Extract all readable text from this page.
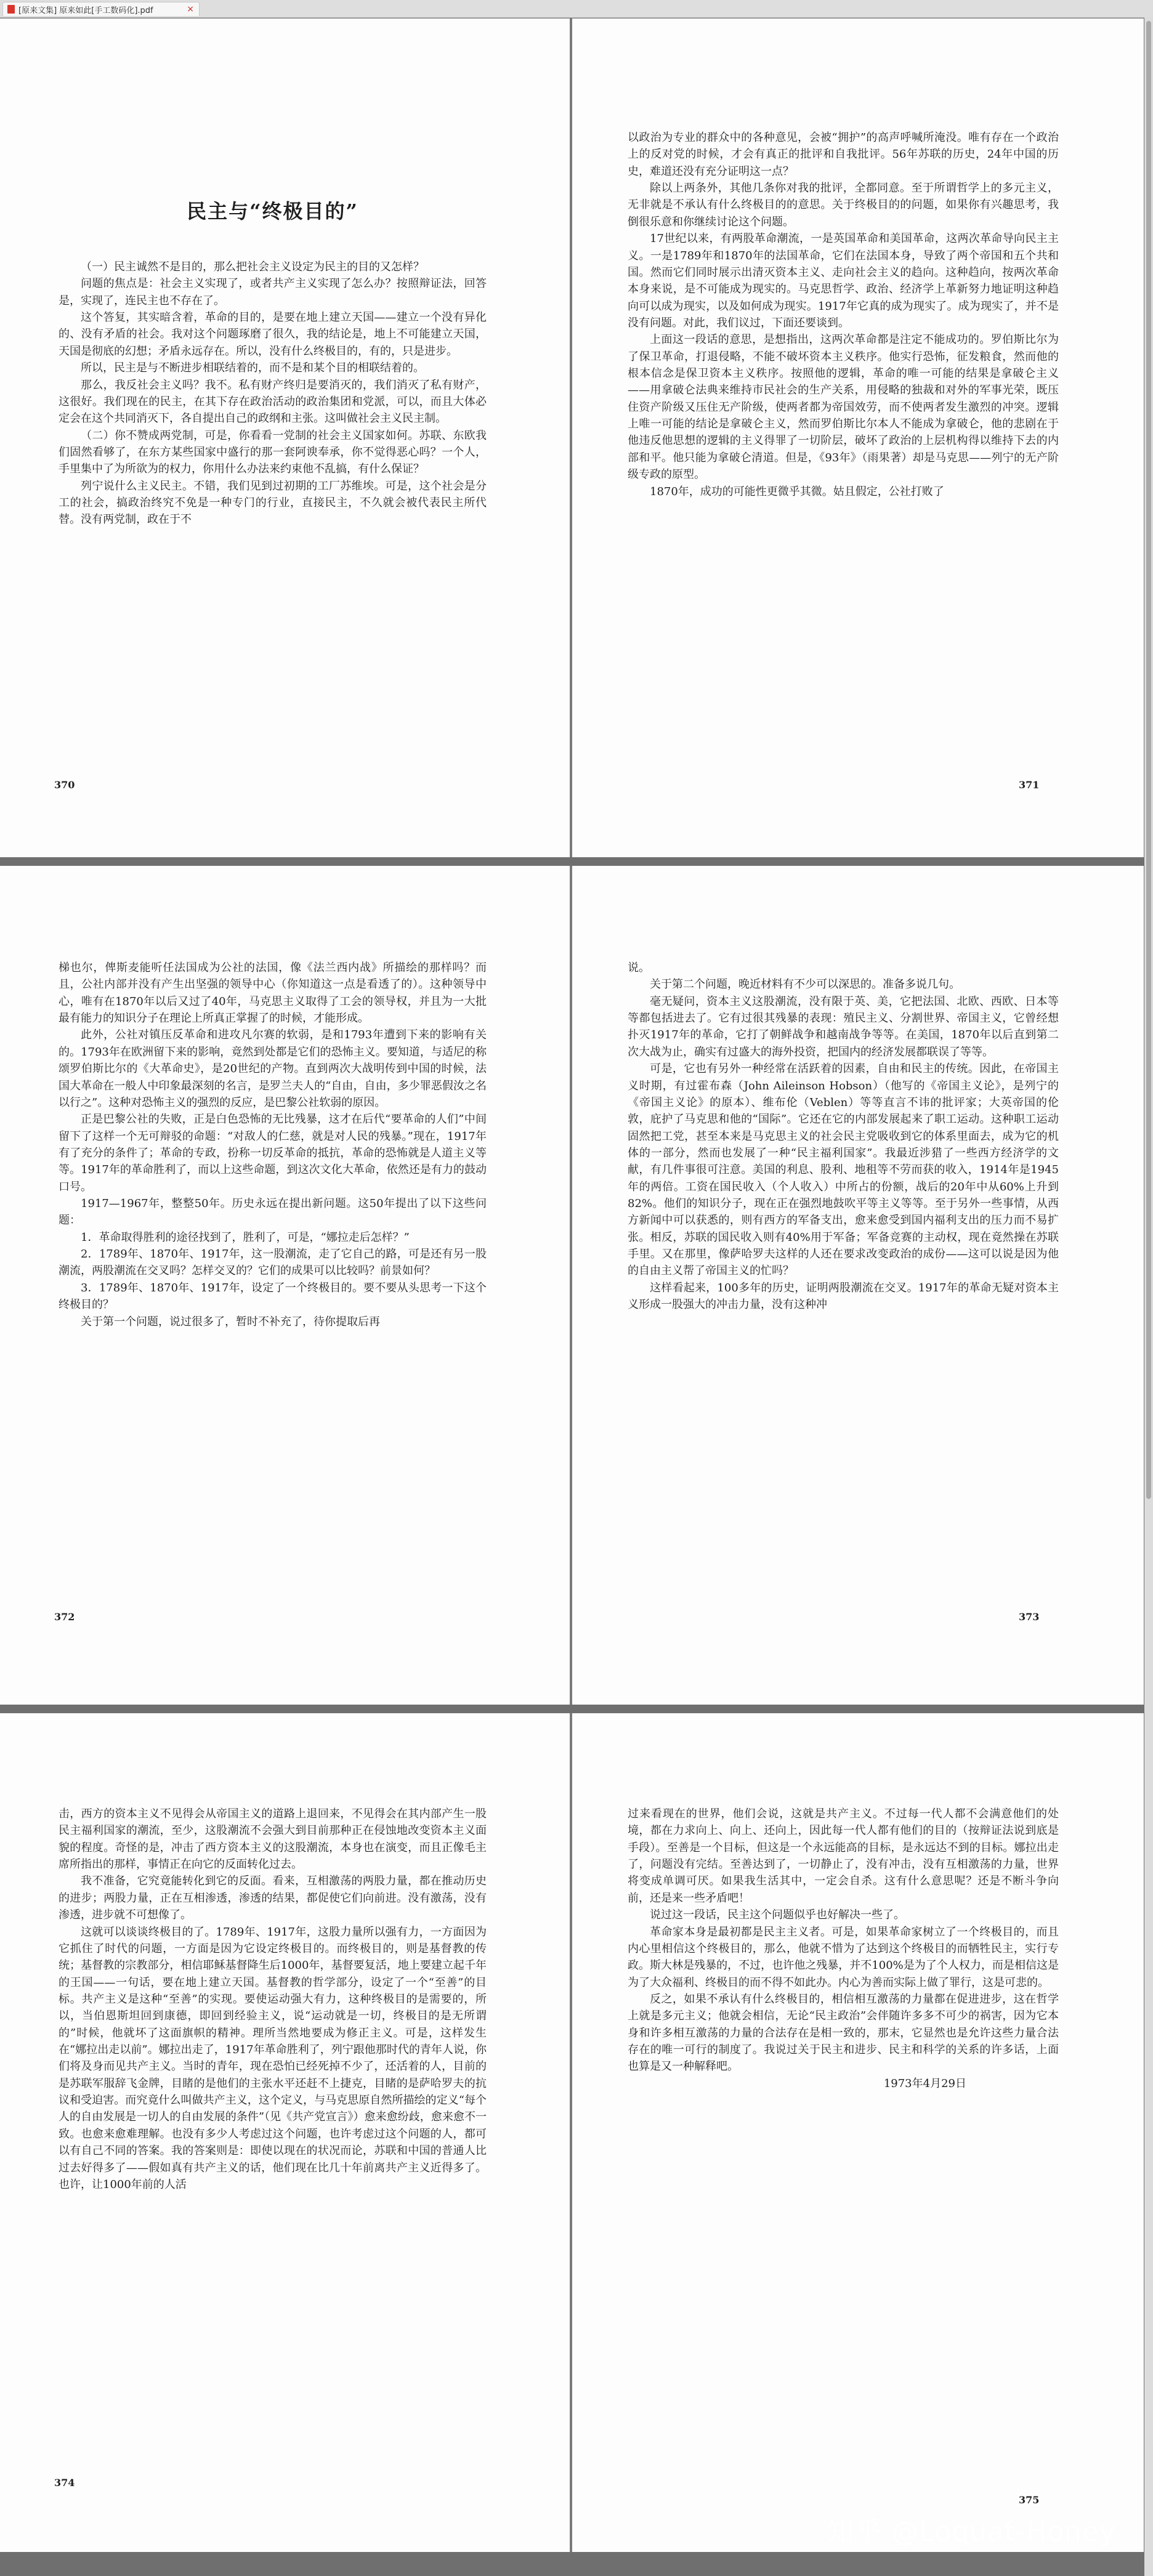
[原来文集] 原来如此[手工数码化].pdf	×
民主与“终极目的”

（一）民主诚然不是目的，那么把社会主义设定为民主的目的又怎样？

问题的焦点是：社会主义实现了，或者共产主义实现了怎么办？按照辩证法，回答是，实现了，连民主也不存在了。

这个答复，其实暗含着，革命的目的，是要在地上建立天国——建立一个没有异化的、没有矛盾的社会。我对这个问题琢磨了很久，我的结论是，地上不可能建立天国，天国是彻底的幻想；矛盾永远存在。所以，没有什么终极目的，有的，只是进步。

所以，民主是与不断进步相联结着的，而不是和某个目的相联结着的。

那么，我反社会主义吗？我不。私有财产终归是要消灭的，我们消灭了私有财产，这很好。我们现在的民主，在其下存在政治活动的政治集团和党派，可以，而且大体必定会在这个共同消灭下，各自提出自己的政纲和主张。这叫做社会主义民主制。

（二）你不赞成两党制，可是，你看看一党制的社会主义国家如何。苏联、东欧我们固然看够了，在东方某些国家中盛行的那一套阿谀奉承，你不觉得恶心吗？一个人，手里集中了为所欲为的权力，你用什么办法来约束他不乱搞，有什么保证？

列宁说什么主义民主。不错，我们见到过初期的工厂苏维埃。可是，这个社会是分工的社会，搞政治终究不免是一种专门的行业，直接民主，不久就会被代表民主所代替。没有两党制，政在于不

370

以政治为专业的群众中的各种意见，会被“拥护”的高声呼喊所淹没。唯有存在一个政治上的反对党的时候，才会有真正的批评和自我批评。56年苏联的历史，24年中国的历史，难道还没有充分证明这一点？

除以上两条外，其他几条你对我的批评，全都同意。至于所谓哲学上的多元主义，无非就是不承认有什么终极目的的意思。关于终极目的的问题，如果你有兴趣思考，我倒很乐意和你继续讨论这个问题。

17世纪以来，有两股革命潮流，一是英国革命和美国革命，这两次革命导向民主主义。一是1789年和1870年的法国革命，它们在法国本身，导致了两个帝国和五个共和国。然而它们同时展示出清灭资本主义、走向社会主义的趋向。这种趋向，按两次革命本身来说，是不可能成为现实的。马克思哲学、政治、经济学上革新努力地证明这种趋向可以成为现实，以及如何成为现实。1917年它真的成为现实了。成为现实了，并不是没有问题。对此，我们议过，下面还要谈到。

上面这一段话的意思，是想指出，这两次革命都是注定不能成功的。罗伯斯比尔为了保卫革命，打退侵略，不能不破坏资本主义秩序。他实行恐怖，征发粮食，然而他的根本信念是保卫资本主义秩序。按照他的逻辑，革命的唯一可能的结果是拿破仑主义——用拿破仑法典来维持市民社会的生产关系，用侵略的独裁和对外的军事光荣，既压住资产阶级又压住无产阶级，使两者都为帝国效劳，而不使两者发生激烈的冲突。逻辑上唯一可能的结论是拿破仑主义，然而罗伯斯比尔本人不能成为拿破仑，他的悲剧在于他违反他思想的逻辑的主义得罪了一切阶层，破坏了政治的上层机构得以维持下去的内部和平。他只能为拿破仑清道。但是，《93年》（雨果著）却是马克思——列宁的无产阶级专政的原型。

1870年，成功的可能性更微乎其微。姑且假定，公社打败了

371

梯也尔，俾斯麦能听任法国成为公社的法国，像《法兰西内战》所描绘的那样吗？而且，公社内部并没有产生出坚强的领导中心（你知道这一点是看透了的）。这种领导中心，唯有在1870年以后又过了40年，马克思主义取得了工会的领导权，并且为一大批最有能力的知识分子在理论上所真正掌握了的时候，才能形成。

此外，公社对镇压反革命和进攻凡尔赛的软弱，是和1793年遭到下来的影响有关的。1793年在欧洲留下来的影响，竟然到处都是它们的恐怖主义。要知道，与适尼的称颂罗伯斯比尔的《大革命史》，是20世纪的产物。直到两次大战明传到中国的时候，法国大革命在一般人中印象最深刻的名言，是罗兰夫人的“自由，自由，多少罪恶假汝之名以行之”。这种对恐怖主义的强烈的反应，是巴黎公社软弱的原因。

正是巴黎公社的失败，正是白色恐怖的无比残暴，这才在后代“要革命的人们”中间留下了这样一个无可辩驳的命题：“对敌人的仁慈，就是对人民的残暴。”现在，1917年有了充分的条件了；革命的专政，扮称一切反革命的抵抗，革命的恐怖就是人道主义等等。1917年的革命胜利了，而以上这些命题，到这次文化大革命，依然还是有力的鼓动口号。

1917—1967年，整整50年。历史永远在提出新问题。这50年提出了以下这些问题：

1．革命取得胜利的途径找到了，胜利了，可是，“娜拉走后怎样？”

2．1789年、1870年、1917年，这一股潮流，走了它自己的路，可是还有另一股潮流，两股潮流在交叉吗？怎样交叉的？它们的成果可以比较吗？前景如何？

3．1789年、1870年、1917年，设定了一个终极目的。要不要从头思考一下这个终极目的？

关于第一个问题，说过很多了，暂时不补充了，待你提取后再

372

说。

关于第二个问题，晚近材料有不少可以深思的。准备多说几句。

毫无疑问，资本主义这股潮流，没有限于英、美，它把法国、北欧、西欧、日本等等都包括进去了。它有过很其残暴的表现：殖民主义、分割世界、帝国主义，它曾经想扑灭1917年的革命，它打了朝鲜战争和越南战争等等。在美国，1870年以后直到第二次大战为止，确实有过盛大的海外投资，把国内的经济发展都联误了等等。

可是，它也有另外一种经常在活跃着的因素，自由和民主的传统。因此，在帝国主义时期，有过霍布森（John Aileinson Hobson）（他写的《帝国主义论》，是列宁的《帝国主义论》的原本）、维布伦（Veblen）等等直言不讳的批评家；大英帝国的伦敦，庇护了马克思和他的“国际”。它还在它的内部发展起来了职工运动。这种职工运动固然把工党，甚至本来是马克思主义的社会民主党吸收到它的体系里面去，成为它的机体的一部分，然而也发展了一种“民主福利国家”。我最近涉猎了一些西方经济学的文献，有几件事很可注意。美国的利息、股利、地租等不劳而获的收入，1914年是1945年的两倍。工资在国民收入（个人收入）中所占的份额，战后的20年中从60%上升到82%。他们的知识分子，现在正在强烈地鼓吹平等主义等等。至于另外一些事情，从西方新闻中可以获悉的，则有西方的军备支出，愈来愈受到国内福利支出的压力而不易扩张。相反，苏联的国民收入则有40%用于军备；军备竞赛的主动权，现在竟然操在苏联手里。又在那里，像萨哈罗夫这样的人还在要求改变政治的成份——这可以说是因为他的自由主义帮了帝国主义的忙吗？

这样看起来，100多年的历史，证明两股潮流在交叉。1917年的革命无疑对资本主义形成一股强大的冲击力量，没有这种冲

373

击，西方的资本主义不见得会从帝国主义的道路上退回来，不见得会在其内部产生一股民主福利国家的潮流，至少，这股潮流不会强大到目前那种正在侵蚀地改变资本主义面貌的程度。奇怪的是，冲击了西方资本主义的这股潮流，本身也在演变，而且正像毛主席所指出的那样，事情正在向它的反面转化过去。

我不准备，它究竟能转化到它的反面。看来，互相激荡的两股力量，都在推动历史的进步；两股力量，正在互相渗透，渗透的结果，都促使它们向前进。没有激荡，没有渗透，进步就不可想像了。

这就可以谈谈终极目的了。1789年、1917年，这股力量所以强有力，一方面因为它抓住了时代的问题，一方面是因为它设定终极目的。而终极目的，则是基督教的传统；基督教的宗教部分，相信耶稣基督降生后1000年，基督要复活，地上要建立起千年的王国——一句话，要在地上建立天国。基督教的哲学部分，设定了一个“至善”的目标。共产主义是这种“至善”的实现。要使运动强大有力，这种终极目的是需要的，所以，当伯恩斯坦回到康德，即回到经验主义，说“运动就是一切，终极目的是无所谓的”时候，他就坏了这面旗帜的精神。理所当然地要成为修正主义。可是，这样发生在“娜拉出走以前”。娜拉出走了，1917年革命胜利了，列宁跟他那时代的青年人说，你们将及身而见共产主义。当时的青年，现在恐怕已经死掉不少了，还活着的人，目前的是苏联军服辞飞金牌，目睹的是他们的主张水平还赶不上捷克，目睹的是萨哈罗夫的抗议和受迫害。而究竟什么叫做共产主义，这个定义，与马克思原自然所描绘的定义“每个人的自由发展是一切人的自由发展的条件”（见《共产党宣言》）愈来愈纷歧，愈来愈不一致。也愈来愈难理解。也没有多少人考虑过这个问题，也许考虑过这个问题的人，都可以有自己不同的答案。我的答案则是：即使以现在的状况而论，苏联和中国的普通人比过去好得多了——假如真有共产主义的话，他们现在比几十年前离共产主义近得多了。也许，让1000年前的人活

374

过来看现在的世界，他们会说，这就是共产主义。不过每一代人都不会满意他们的处境，都在力求向上、向上、还向上，因此每一代人都有他们的目的（按辩证法说到底是手段）。至善是一个目标，但这是一个永远能高的目标，是永远达不到的目标。娜拉出走了，问题没有完结。至善达到了，一切静止了，没有冲击，没有互相激荡的力量，世界将变成单调可厌。如果我生活其中，一定会自杀。这有什么意思呢？还是不断斗争向前，还是来一些矛盾吧！

说过这一段话，民主这个问题似乎也好解决一些了。

革命家本身是最初都是民主主义者。可是，如果革命家树立了一个终极目的，而且内心里相信这个终极目的，那么，他就不惜为了达到这个终极目的而牺牲民主，实行专政。斯大林是残暴的，不过，也许他之残暴，并不100%是为了个人权力，而是相信这是为了大众福利、终极目的而不得不如此办。内心为善而实际上做了罪行，这是可悲的。

反之，如果不承认有什么终极目的，相信相互激荡的力量都在促进进步，这在哲学上就是多元主义；他就会相信，无论“民主政治”会伴随许多多不可少的祸害，因为它本身和许多相互激荡的力量的合法存在是相一致的，那末，它显然也是允许这些力量合法存在的唯一可行的制度了。我说过关于民主和进步、民主和科学的关系的许多话，上面也算是又一种解释吧。

1973年4月29日

375
知乎 @Loquat-Honey
